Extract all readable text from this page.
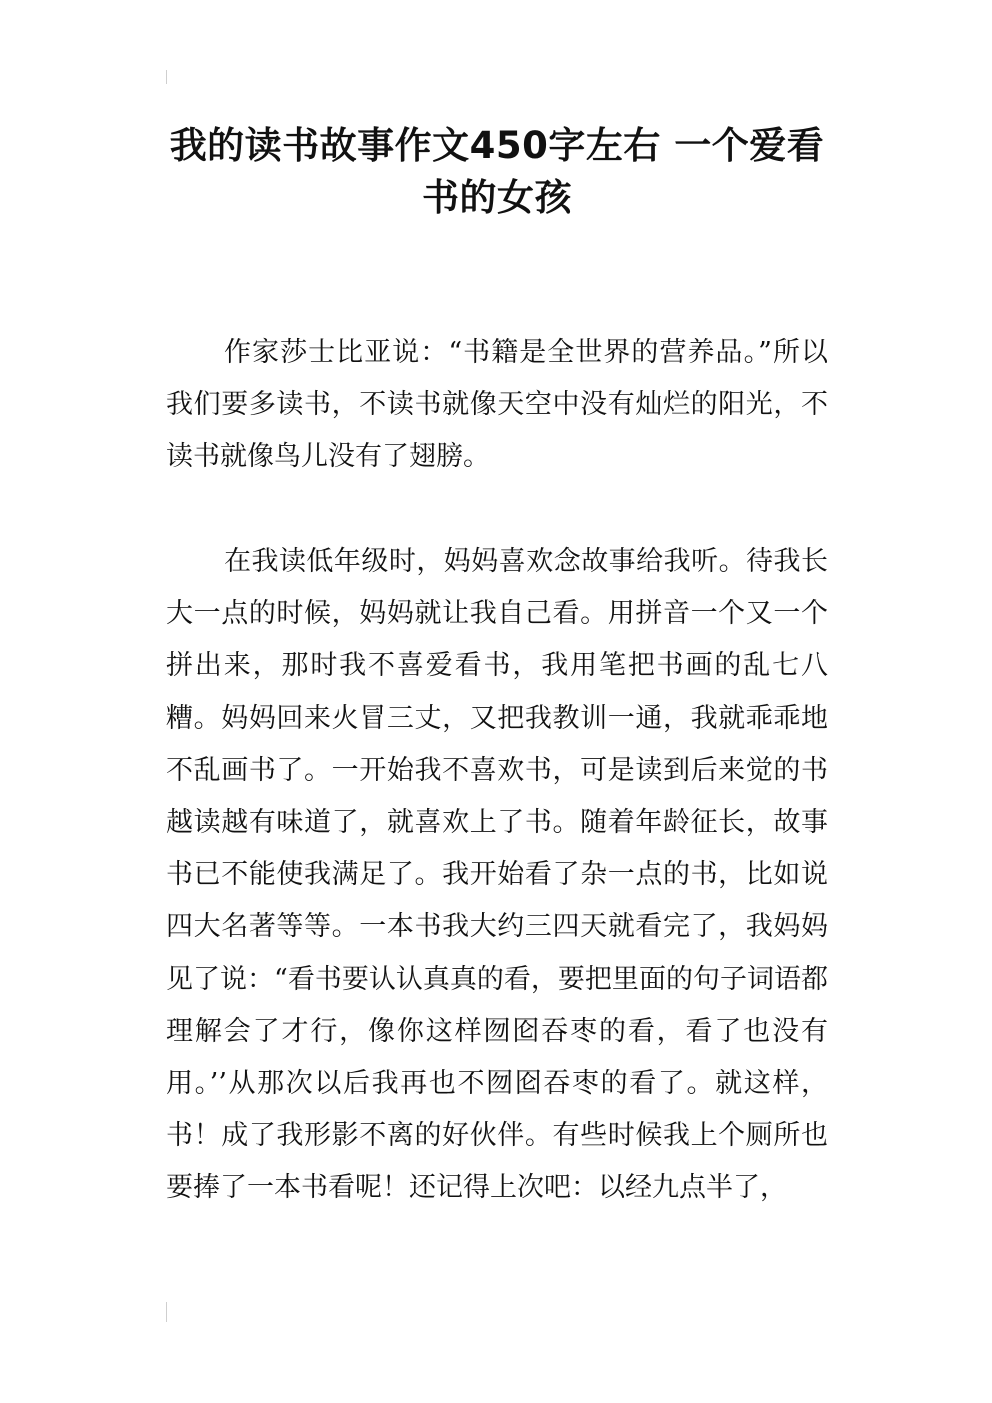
我的读书故事作文450字左右 一个爱看书的女孩

作家莎士比亚说：“书籍是全世界的营养品。”所以我们要多读书，不读书就像天空中没有灿烂的阳光，不读书就像鸟儿没有了翅膀。

在我读低年级时，妈妈喜欢念故事给我听。待我长大一点的时候，妈妈就让我自己看。用拼音一个又一个拼出来，那时我不喜爱看书，我用笔把书画的乱七八糟。妈妈回来火冒三丈，又把我教训一通，我就乖乖地不乱画书了。一开始我不喜欢书，可是读到后来觉的书越读越有味道了，就喜欢上了书。随着年龄征长，故事书已不能使我满足了。我开始看了杂一点的书，比如说四大名著等等。一本书我大约三四天就看完了，我妈妈见了说：“看书要认认真真的看，要把里面的句子词语都理解会了才行，像你这样囫囵吞枣的看，看了也没有用。’’从那次以后我再也不囫囵吞枣的看了。就这样，书！成了我形影不离的好伙伴。有些时候我上个厕所也要捧了一本书看呢！还记得上次吧：以经九点半了，
